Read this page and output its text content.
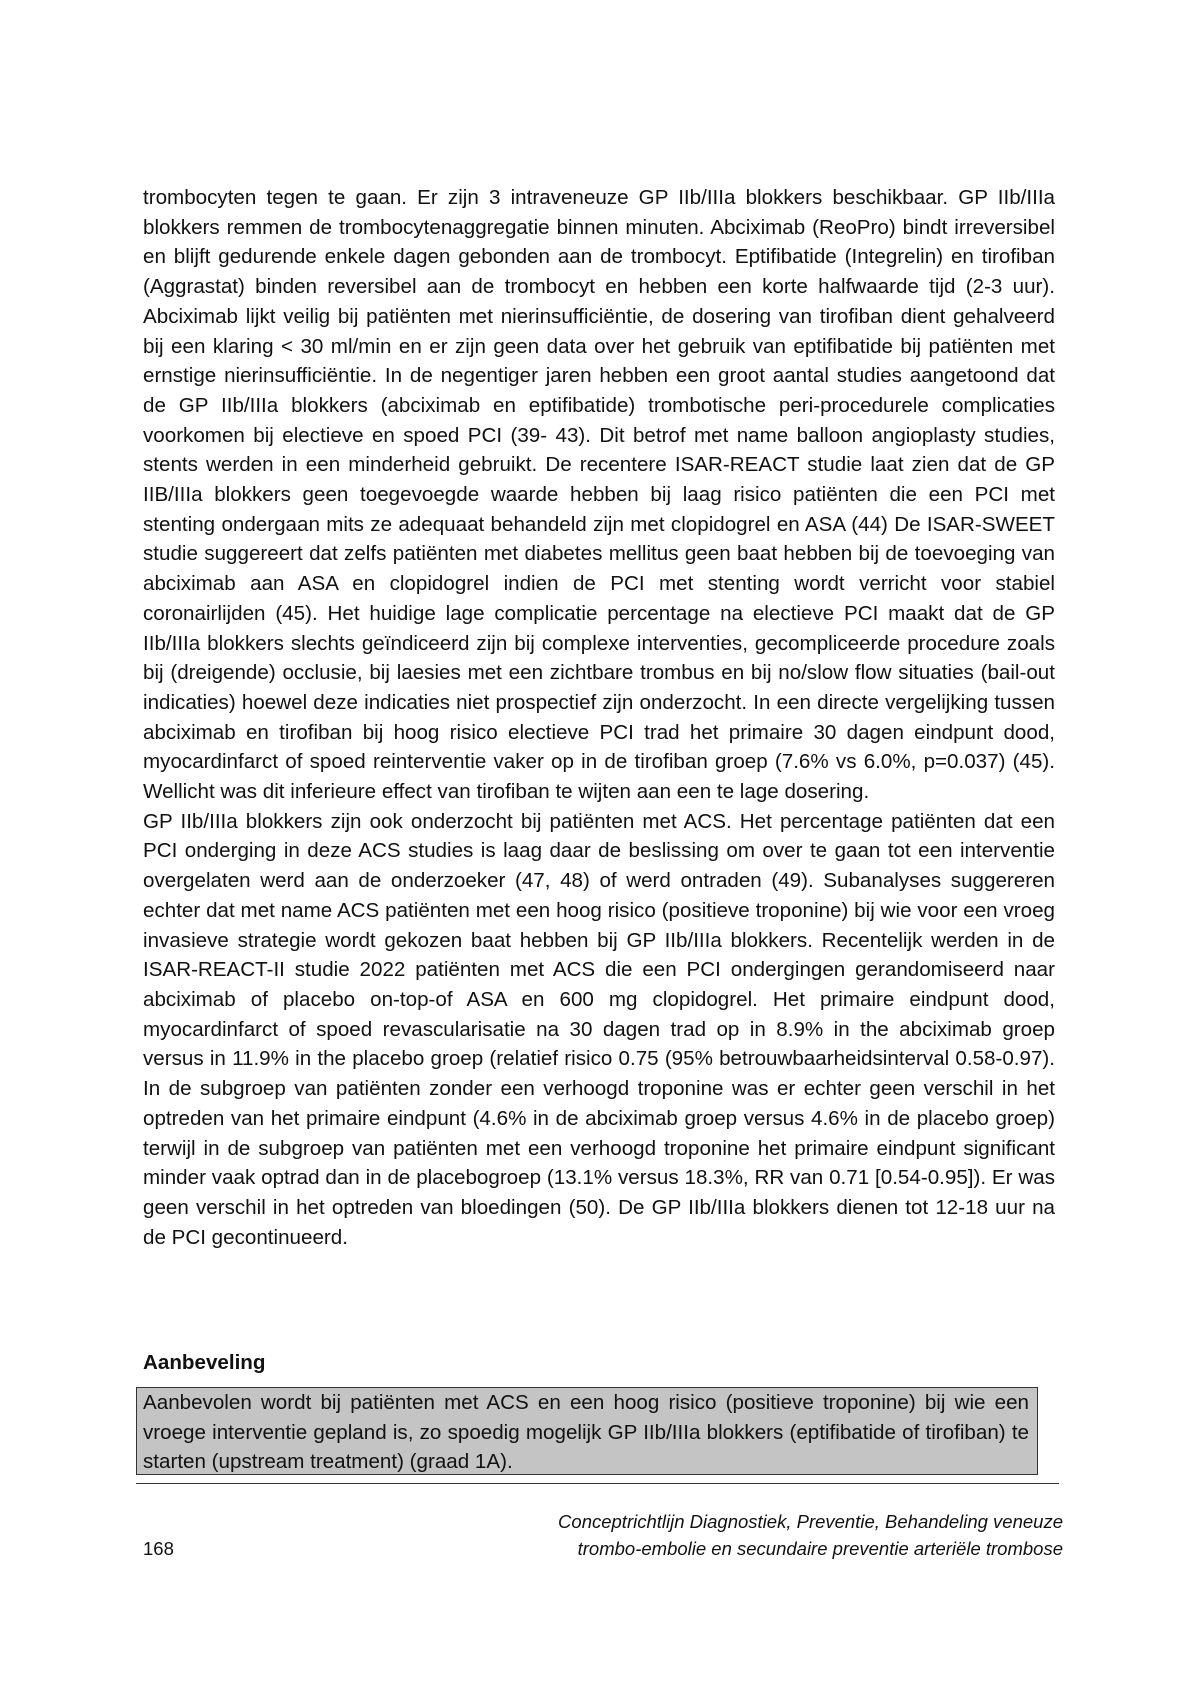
trombocyten tegen te gaan. Er zijn 3 intraveneuze GP IIb/IIIa blokkers beschikbaar. GP IIb/IIIa blokkers remmen de trombocytenaggregatie binnen minuten. Abciximab (ReoPro) bindt irreversibel en blijft gedurende enkele dagen gebonden aan de trombocyt. Eptifibatide (Integrelin) en tirofiban (Aggrastat) binden reversibel aan de trombocyt en hebben een korte halfwaarde tijd (2-3 uur). Abciximab lijkt veilig bij patiënten met nierinsufficiëntie, de dosering van tirofiban dient gehalveerd bij een klaring < 30 ml/min en er zijn geen data over het gebruik van eptifibatide bij patiënten met ernstige nierinsufficiëntie. In de negentiger jaren hebben een groot aantal studies aangetoond dat de GP IIb/IIIa blokkers (abciximab en eptifibatide) trombotische peri-procedurele complicaties voorkomen bij electieve en spoed PCI (39- 43). Dit betrof met name balloon angioplasty studies, stents werden in een minderheid gebruikt. De recentere ISAR-REACT studie laat zien dat de GP IIB/IIIa blokkers geen toegevoegde waarde hebben bij laag risico patiënten die een PCI met stenting ondergaan mits ze adequaat behandeld zijn met clopidogrel en ASA (44) De ISAR-SWEET studie suggereert dat zelfs patiënten met diabetes mellitus geen baat hebben bij de toevoeging van abciximab aan ASA en clopidogrel indien de PCI met stenting wordt verricht voor stabiel coronairlijden (45). Het huidige lage complicatie percentage na electieve PCI maakt dat de GP IIb/IIIa blokkers slechts geïndiceerd zijn bij complexe interventies, gecompliceerde procedure zoals bij (dreigende) occlusie, bij laesies met een zichtbare trombus en bij no/slow flow situaties (bail-out indicaties) hoewel deze indicaties niet prospectief zijn onderzocht. In een directe vergelijking tussen abciximab en tirofiban bij hoog risico electieve PCI trad het primaire 30 dagen eindpunt dood, myocardinfarct of spoed reinterventie vaker op in de tirofiban groep (7.6% vs 6.0%, p=0.037) (45). Wellicht was dit inferieure effect van tirofiban te wijten aan een te lage dosering.

GP IIb/IIIa blokkers zijn ook onderzocht bij patiënten met ACS. Het percentage patiënten dat een PCI onderging in deze ACS studies is laag daar de beslissing om over te gaan tot een interventie overgelaten werd aan de onderzoeker (47, 48) of werd ontraden (49). Subanalyses suggereren echter dat met name ACS patiënten met een hoog risico (positieve troponine) bij wie voor een vroeg invasieve strategie wordt gekozen baat hebben bij GP IIb/IIIa blokkers. Recentelijk werden in de ISAR-REACT-II studie 2022 patiënten met ACS die een PCI ondergingen gerandomiseerd naar abciximab of placebo on-top-of ASA en 600 mg clopidogrel. Het primaire eindpunt dood, myocardinfarct of spoed revascularisatie na 30 dagen trad op in 8.9% in the abciximab groep versus in 11.9% in the placebo groep (relatief risico 0.75 (95% betrouwbaarheidsinterval 0.58-0.97). In de subgroep van patiënten zonder een verhoogd troponine was er echter geen verschil in het optreden van het primaire eindpunt (4.6% in de abciximab groep versus 4.6% in de placebo groep) terwijl in de subgroep van patiënten met een verhoogd troponine het primaire eindpunt significant minder vaak optrad dan in de placebogroep (13.1% versus 18.3%, RR van 0.71 [0.54-0.95]). Er was geen verschil in het optreden van bloedingen (50). De GP IIb/IIIa blokkers dienen tot 12-18 uur na de PCI gecontinueerd.

Aanbeveling
Aanbevolen wordt bij patiënten met ACS en een hoog risico (positieve troponine) bij wie een vroege interventie gepland is, zo spoedig mogelijk GP IIb/IIIa blokkers (eptifibatide of tirofiban) te starten (upstream treatment) (graad 1A).
168
Conceptrichtlijn Diagnostiek, Preventie, Behandeling veneuze
trombo-embolie en secundaire preventie arteriële trombose
